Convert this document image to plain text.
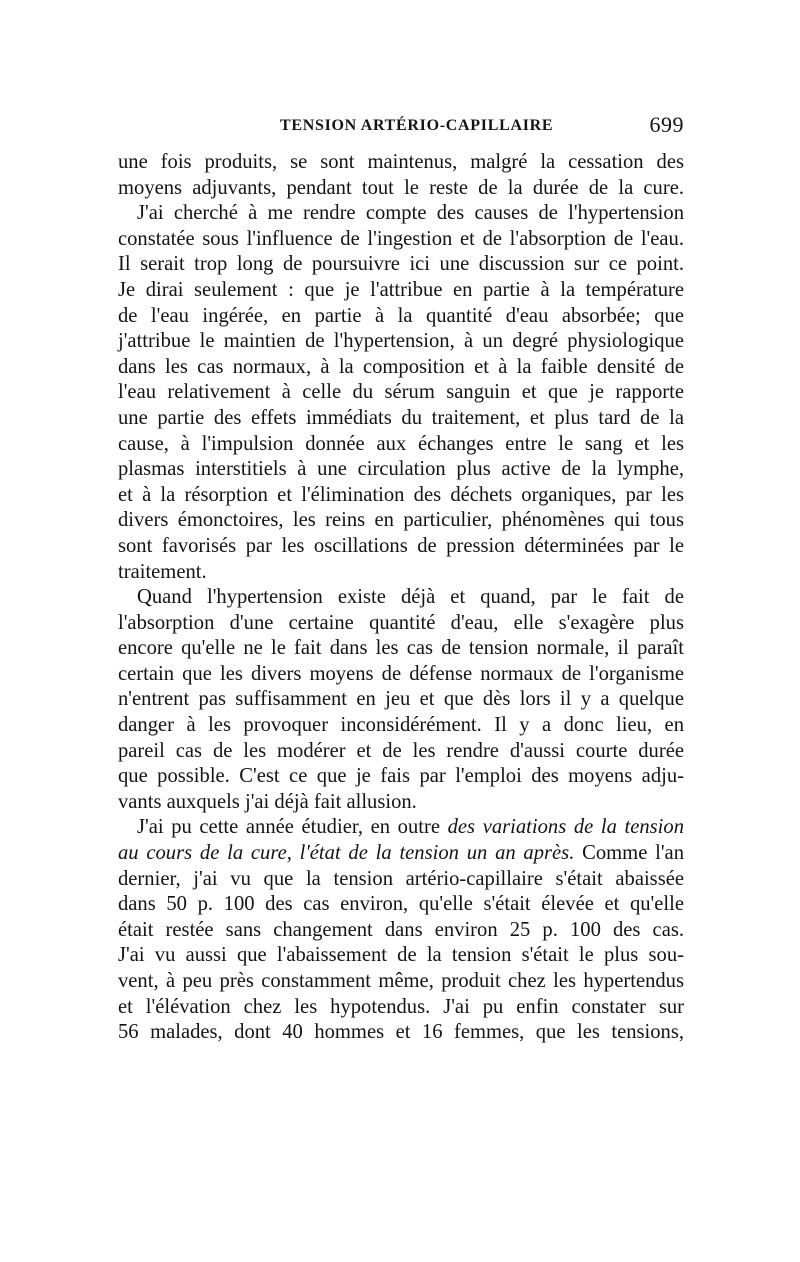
TENSION ARTÉRIO-CAPILLAIRE	699
une fois produits, se sont maintenus, malgré la cessation des
moyens adjuvants, pendant tout le reste de la durée de la cure.
J'ai cherché à me rendre compte des causes de l'hypertension
constatée sous l'influence de l'ingestion et de l'absorption de l'eau.
Il serait trop long de poursuivre ici une discussion sur ce point.
Je dirai seulement : que je l'attribue en partie à la température
de l'eau ingérée, en partie à la quantité d'eau absorbée; que
j'attribue le maintien de l'hypertension, à un degré physiologique
dans les cas normaux, à la composition et à la faible densité de
l'eau relativement à celle du sérum sanguin et que je rapporte
une partie des effets immédiats du traitement, et plus tard de la
cause, à l'impulsion donnée aux échanges entre le sang et les
plasmas interstitiels à une circulation plus active de la lymphe,
et à la résorption et l'élimination des déchets organiques, par les
divers émonctoires, les reins en particulier, phénomènes qui tous
sont favorisés par les oscillations de pression déterminées par le
traitement.
Quand l'hypertension existe déjà et quand, par le fait de
l'absorption d'une certaine quantité d'eau, elle s'exagère plus
encore qu'elle ne le fait dans les cas de tension normale, il paraît
certain que les divers moyens de défense normaux de l'organisme
n'entrent pas suffisamment en jeu et que dès lors il y a quelque
danger à les provoquer inconsidérément. Il y a donc lieu, en
pareil cas de les modérer et de les rendre d'aussi courte durée
que possible. C'est ce que je fais par l'emploi des moyens adju-
vants auxquels j'ai déjà fait allusion.
J'ai pu cette année étudier, en outre des variations de la tension
au cours de la cure, l'état de la tension un an après. Comme l'an
dernier, j'ai vu que la tension artério-capillaire s'était abaissée
dans 50 p. 100 des cas environ, qu'elle s'était élevée et qu'elle
était restée sans changement dans environ 25 p. 100 des cas.
J'ai vu aussi que l'abaissement de la tension s'était le plus sou-
vent, à peu près constamment même, produit chez les hypertendus
et l'élévation chez les hypotendus. J'ai pu enfin constater sur
56 malades, dont 40 hommes et 16 femmes, que les tensions,
